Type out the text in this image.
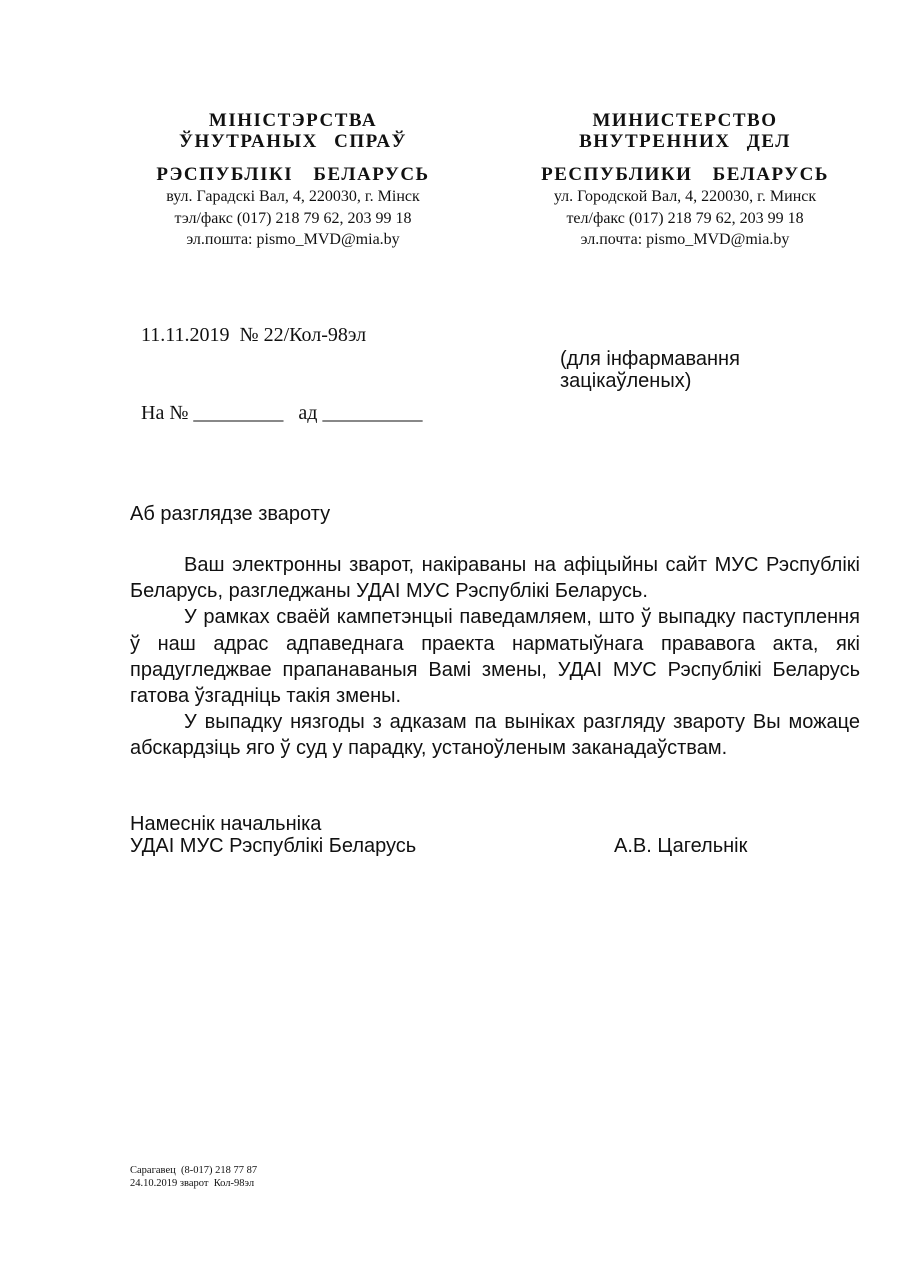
МІНІСТЭРСТВА
ЎНУТРАНЫХ СПРАЎ
РЭСПУБЛІКІ БЕЛАРУСЬ
вул. Гарадскі Вал, 4, 220030, г. Мінск
тэл/факс (017) 218 79 62, 203 99 18
эл.пошта: pismo_MVD@mia.by
МИНИСТЕРСТВО
ВНУТРЕННИХ ДЕЛ
РЕСПУБЛИКИ БЕЛАРУСЬ
ул. Городской Вал, 4, 220030, г. Минск
тел/факс (017) 218 79 62, 203 99 18
эл.почта: pismo_MVD@mia.by

11.11.2019  № 22/Кол-98эл

На № _________   ад __________

(для інфармавання
зацікаўленых)
Аб разглядзе звароту

Ваш электронны зварот, накіраваны на афіцыйны сайт МУС Рэспублікі Беларусь, разгледжаны УДАІ МУС Рэспублікі Беларусь.

У рамках сваёй кампетэнцыі паведамляем, што ў выпадку паступлення ў наш адрас адпаведнага праекта нарматыўнага прававога акта, які прадугледжвае прапанаваныя Вамі змены, УДАІ МУС Рэспублікі Беларусь гатова ўзгадніць такія змены.

У выпадку нязгоды з адказам па выніках разгляду звароту Вы можаце абскардзіць яго ў суд у парадку, устаноўленым заканадаўствам.

Намеснік начальніка
УДАІ МУС Рэспублікі Беларусь	А.В. Цагельнік
Сарагавец  (8-017) 218 77 87
24.10.2019 зварот  Кол-98эл
